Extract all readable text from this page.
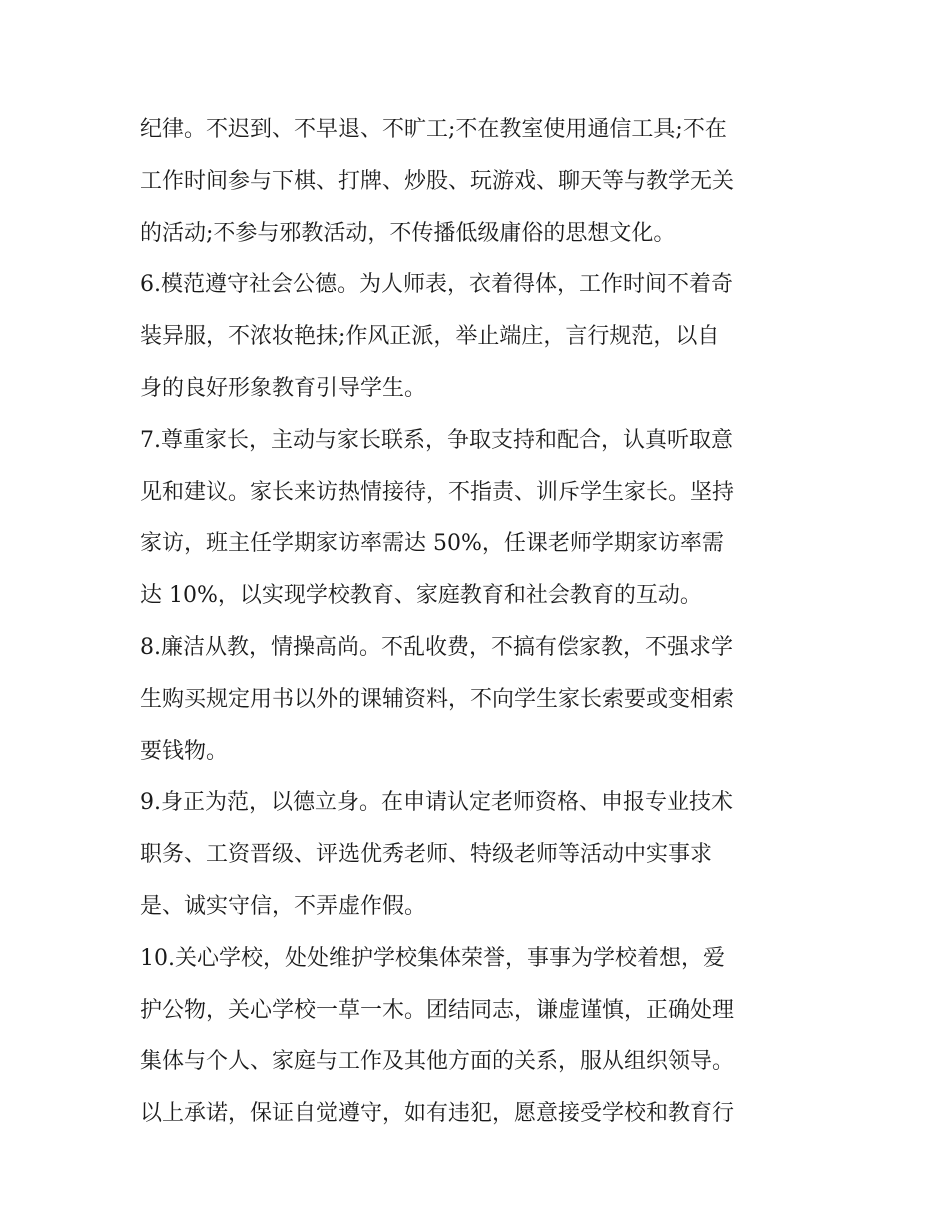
纪律。不迟到、不早退、不旷工;不在教室使用通信工具;不在
工作时间参与下棋、打牌、炒股、玩游戏、聊天等与教学无关
的活动;不参与邪教活动，不传播低级庸俗的思想文化。
6.模范遵守社会公德。为人师表，衣着得体，工作时间不着奇
装异服，不浓妆艳抹;作风正派，举止端庄，言行规范，以自
身的良好形象教育引导学生。
7.尊重家长，主动与家长联系，争取支持和配合，认真听取意
见和建议。家长来访热情接待，不指责、训斥学生家长。坚持
家访，班主任学期家访率需达 50%，任课老师学期家访率需
达 10%，以实现学校教育、家庭教育和社会教育的互动。
8.廉洁从教，情操高尚。不乱收费，不搞有偿家教，不强求学
生购买规定用书以外的课辅资料，不向学生家长索要或变相索
要钱物。
9.身正为范，以德立身。在申请认定老师资格、申报专业技术
职务、工资晋级、评选优秀老师、特级老师等活动中实事求
是、诚实守信，不弄虚作假。
10.关心学校，处处维护学校集体荣誉，事事为学校着想，爱
护公物，关心学校一草一木。团结同志，谦虚谨慎，正确处理
集体与个人、家庭与工作及其他方面的关系，服从组织领导。
以上承诺，保证自觉遵守，如有违犯，愿意接受学校和教育行
